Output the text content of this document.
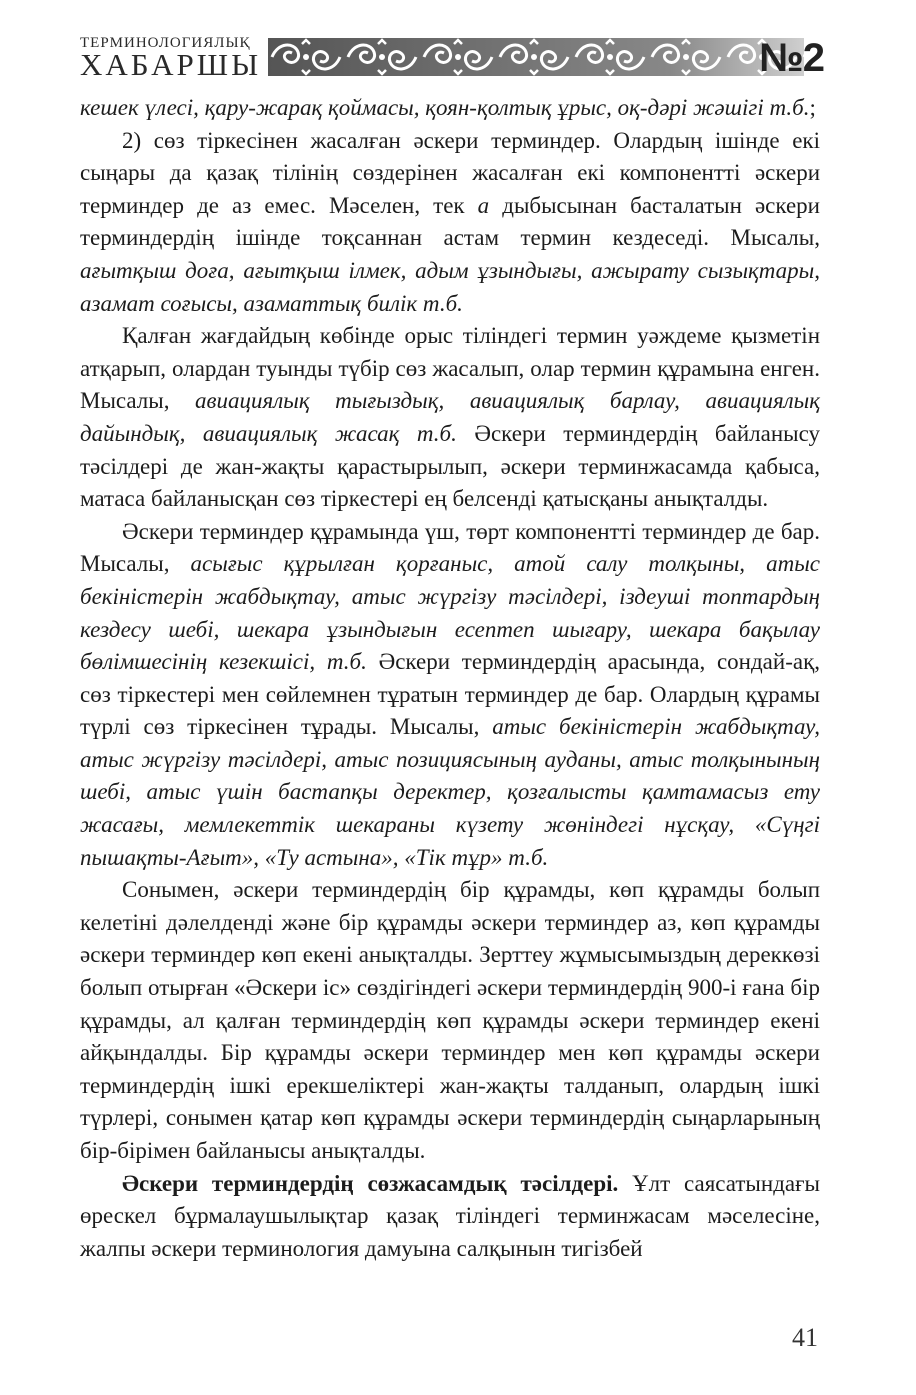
ТЕРМИНОЛОГИЯЛЫҚ
ХАБАРШЫ	№2

кешек үлесі, қару-жарақ қоймасы, қоян-қолтық ұрыс, оқ-дәрі жәшігі т.б.;

2) сөз тіркесінен жасалған әскери терминдер. Олардың ішінде екі сыңары да қазақ тілінің сөздерінен жасалған екі компонентті әскери терминдер де аз емес. Мәселен, тек а дыбысынан басталатын әскери терминдердің ішінде тоқсаннан астам термин кездеседі. Мысалы, ағытқыш доға, ағытқыш ілмек, адым ұзындығы, ажырату сызықтары, азамат соғысы, азаматтық билік т.б.

Қалған жағдайдың көбінде орыс тіліндегі термин уәждеме қызметін атқарып, олардан туынды түбір сөз жасалып, олар термин құрамына енген. Мысалы, авиациялық тығыздық, авиациялық барлау, авиациялық дайындық, авиациялық жасақ т.б. Әскери терминдердің байланысу тәсілдері де жан-жақты қарастырылып, әскери терминжасамда қабыса, матаса байланысқан сөз тіркестері ең белсенді қатысқаны анықталды.

Әскери терминдер құрамында үш, төрт компонентті терминдер де бар. Мысалы, асығыс құрылған қорғаныс, атой салу толқыны, атыс бекіністерін жабдықтау, атыс жүргізу тәсілдері, іздеуші топтардың кездесу шебі, шекара ұзындығын есептеп шығару, шекара бақылау бөлімшесінің кезекшісі, т.б. Әскери терминдердің арасында, сондай-ақ, сөз тіркестері мен сөйлемнен тұратын терминдер де бар. Олардың құрамы түрлі сөз тіркесінен тұрады. Мысалы, атыс бекіністерін жабдықтау, атыс жүргізу тәсілдері, атыс позициясының ауданы, атыс толқынының шебі, атыс үшін бастапқы деректер, қозғалысты қамтамасыз ету жасағы, мемлекеттік шекараны күзету жөніндегі нұсқау, «Сүңгі пышақты-Ағыт», «Ту астына», «Тік тұр» т.б.

Сонымен, әскери терминдердің бір құрамды, көп құрамды болып келетіні дәлелденді және бір құрамды әскери терминдер аз, көп құрамды әскери терминдер көп екені анықталды. Зерттеу жұмысымыздың дереккөзі болып отырған «Әскери іс» сөздігіндегі әскери терминдердің 900-і ғана бір құрамды, ал қалған терминдердің көп құрамды әскери терминдер екені айқындалды. Бір құрамды әскери терминдер мен көп құрамды әскери терминдердің ішкі ерекшеліктері жан-жақты талданып, олардың ішкі түрлері, сонымен қатар көп құрамды әскери терминдердің сыңарларының бір-бірімен байланысы анықталды.

Әскери терминдердің сөзжасамдық тәсілдері. Ұлт саясатындағы өрескел бұрмалаушылықтар қазақ тіліндегі терминжасам мәселесіне, жалпы әскери терминология дамуына салқынын тигізбей

41
